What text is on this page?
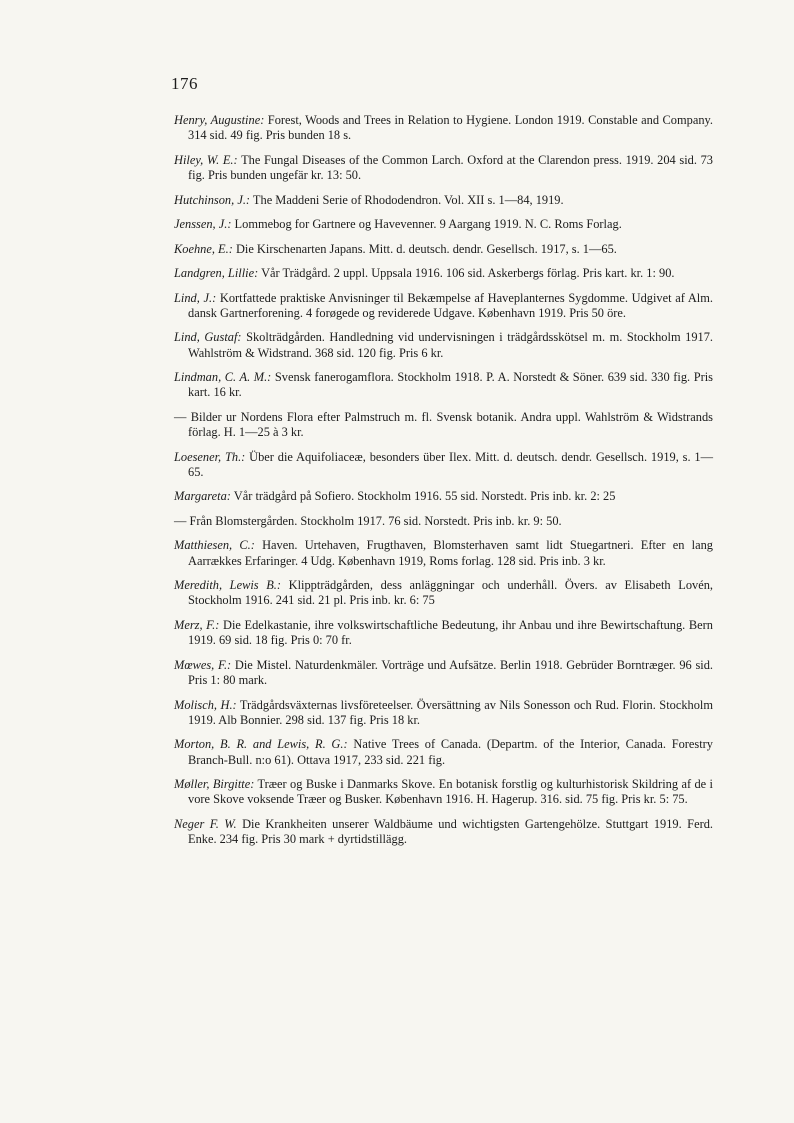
176

Henry, Augustine: Forest, Woods and Trees in Relation to Hygiene. London 1919. Constable and Company. 314 sid. 49 fig. Pris bunden 18 s.

Hiley, W. E.: The Fungal Diseases of the Common Larch. Oxford at the Clarendon press. 1919. 204 sid. 73 fig. Pris bunden ungefär kr. 13: 50.

Hutchinson, J.: The Maddeni Serie of Rhododendron. Vol. XII s. 1—84, 1919.

Jenssen, J.: Lommebog for Gartnere og Havevenner. 9 Aargang 1919. N. C. Roms Forlag.

Koehne, E.: Die Kirschenarten Japans. Mitt. d. deutsch. dendr. Gesellsch. 1917, s. 1—65.

Landgren, Lillie: Vår Trädgård. 2 uppl. Uppsala 1916. 106 sid. Askerbergs förlag. Pris kart. kr. 1: 90.

Lind, J.: Kortfattede praktiske Anvisninger til Bekæmpelse af Haveplanternes Sygdomme. Udgivet af Alm. dansk Gartnerforening. 4 forøgede og reviderede Udgave. København 1919. Pris 50 öre.

Lind, Gustaf: Skolträdgården. Handledning vid undervisningen i trädgårdsskötsel m. m. Stockholm 1917. Wahlström & Widstrand. 368 sid. 120 fig. Pris 6 kr.

Lindman, C. A. M.: Svensk fanerogamflora. Stockholm 1918. P. A. Norstedt & Söner. 639 sid. 330 fig. Pris kart. 16 kr.

— Bilder ur Nordens Flora efter Palmstruch m. fl. Svensk botanik. Andra uppl. Wahlström & Widstrands förlag. H. 1—25 à 3 kr.

Loesener, Th.: Über die Aquifoliaceæ, besonders über Ilex. Mitt. d. deutsch. dendr. Gesellsch. 1919, s. 1—65.

Margareta: Vår trädgård på Sofiero. Stockholm 1916. 55 sid. Norstedt. Pris inb. kr. 2: 25

— Från Blomstergården. Stockholm 1917. 76 sid. Norstedt. Pris inb. kr. 9: 50.

Matthiesen, C.: Haven. Urtehaven, Frugthaven, Blomsterhaven samt lidt Stuegartneri. Efter en lang Aarrækkes Erfaringer. 4 Udg. København 1919, Roms forlag. 128 sid. Pris inb. 3 kr.

Meredith, Lewis B.: Klippträdgården, dess anläggningar och underhåll. Övers. av Elisabeth Lovén, Stockholm 1916. 241 sid. 21 pl. Pris inb. kr. 6: 75

Merz, F.: Die Edelkastanie, ihre volkswirtschaftliche Bedeutung, ihr Anbau und ihre Bewirtschaftung. Bern 1919. 69 sid. 18 fig. Pris 0: 70 fr.

Mœwes, F.: Die Mistel. Naturdenkmäler. Vorträge und Aufsätze. Berlin 1918. Gebrüder Borntræger. 96 sid. Pris 1: 80 mark.

Molisch, H.: Trädgårdsväxternas livsföreteelser. Översättning av Nils Sonesson och Rud. Florin. Stockholm 1919. Alb Bonnier. 298 sid. 137 fig. Pris 18 kr.

Morton, B. R. and Lewis, R. G.: Native Trees of Canada. (Departm. of the Interior, Canada. Forestry Branch-Bull. n:o 61). Ottava 1917, 233 sid. 221 fig.

Møller, Birgitte: Træer og Buske i Danmarks Skove. En botanisk forstlig og kulturhistorisk Skildring af de i vore Skove voksende Træer og Busker. København 1916. H. Hagerup. 316. sid. 75 fig. Pris kr. 5: 75.

Neger F. W. Die Krankheiten unserer Waldbäume und wichtigsten Gartengehölze. Stuttgart 1919. Ferd. Enke. 234 fig. Pris 30 mark + dyrtidstillägg.
